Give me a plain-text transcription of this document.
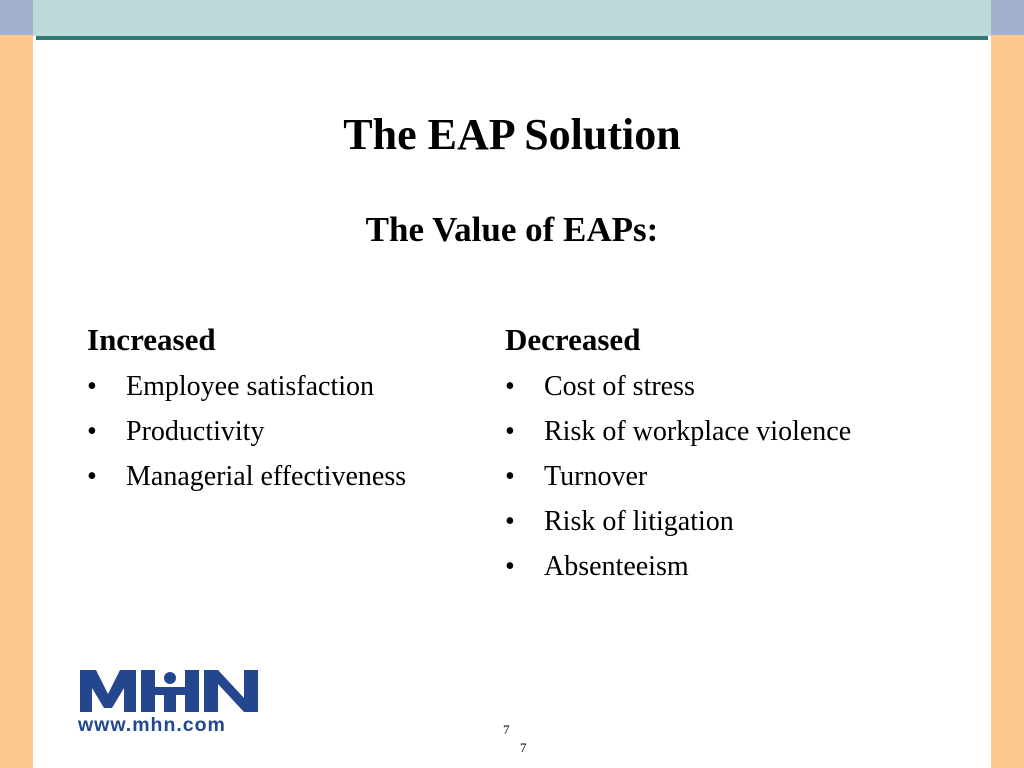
The EAP Solution
The Value of EAPs:
Increased
• Employee satisfaction
• Productivity
• Managerial effectiveness
Decreased
• Cost of stress
• Risk of workplace violence
• Turnover
• Risk of litigation
• Absenteeism
www.mhn.com	7
7
